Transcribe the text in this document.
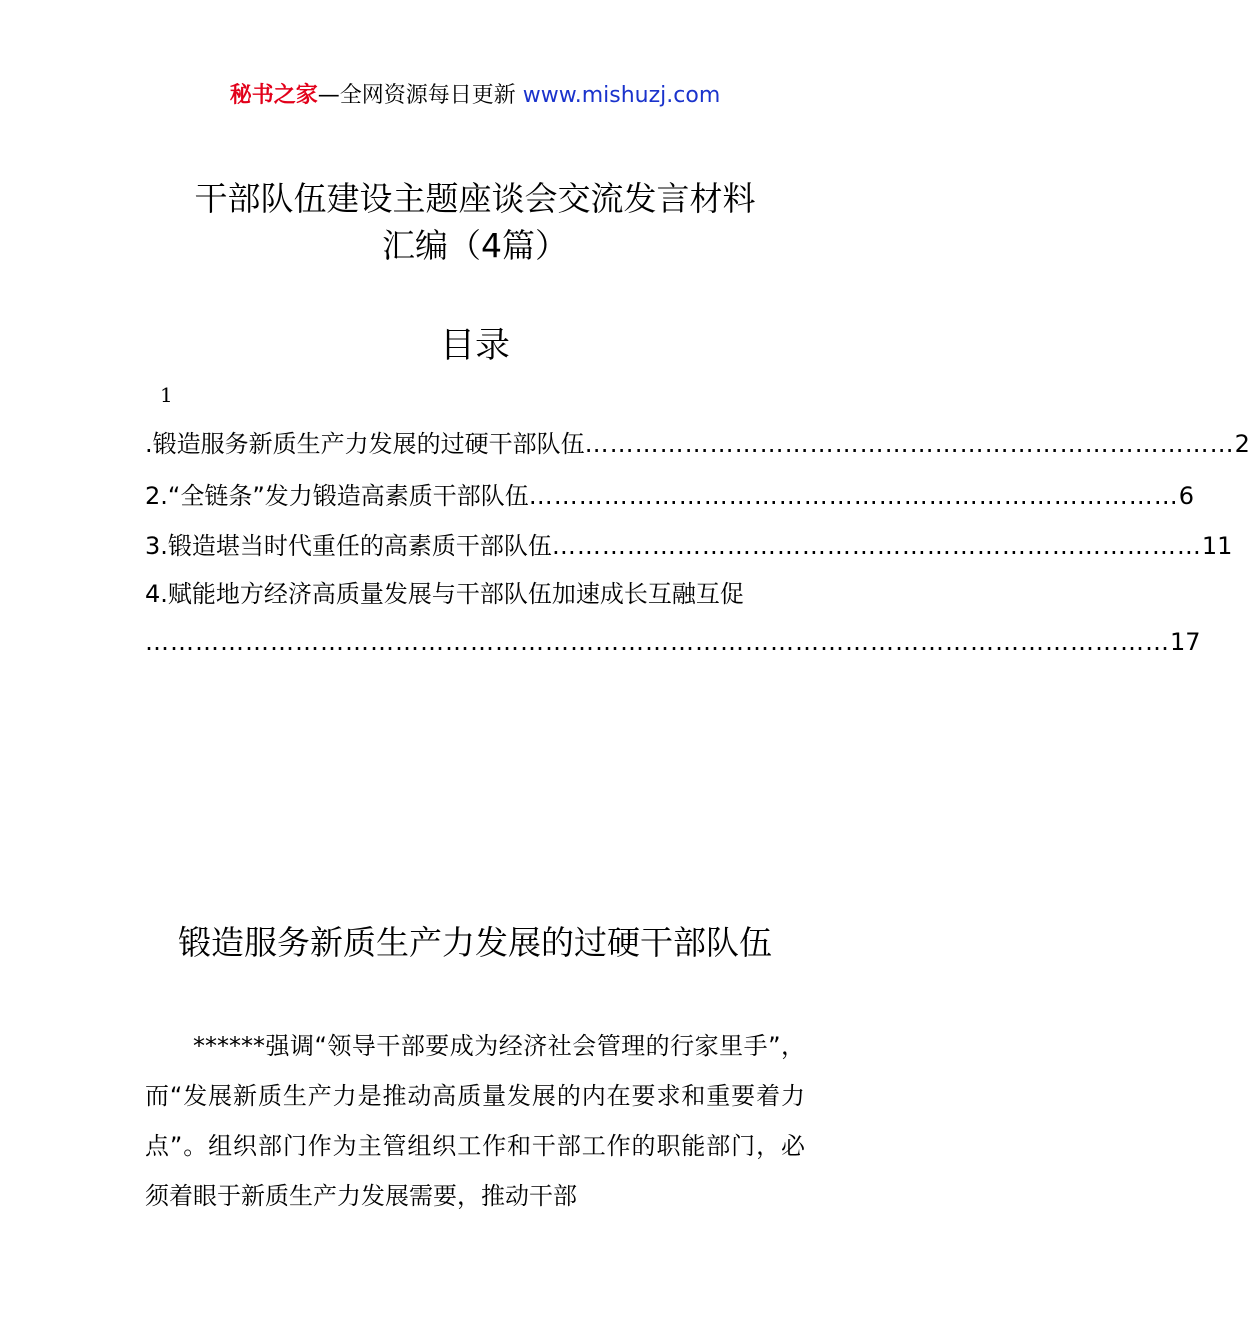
秘书之家—全网资源每日更新 www.mishuzj.com
干部队伍建设主题座谈会交流发言材料
汇编（4篇）
目录
1
.锻造服务新质生产力发展的过硬干部队伍 …………………………………………………………………… 2
2.“全链条”发力锻造高素质干部队伍 …………………………………………………………………… 6
3.锻造堪当时代重任的高素质干部队伍 …………………………………………………………………… 11
4.赋能地方经济高质量发展与干部队伍加速成长互融互促
…………………………………………………………………………………………………………… 17
锻造服务新质生产力发展的过硬干部队伍
******强调“领导干部要成为经济社会管理的行家里手”，而“发展新质生产力是推动高质量发展的内在要求和重要着力点”。组织部门作为主管组织工作和干部工作的职能部门，必须着眼于新质生产力发展需要，推动干部
